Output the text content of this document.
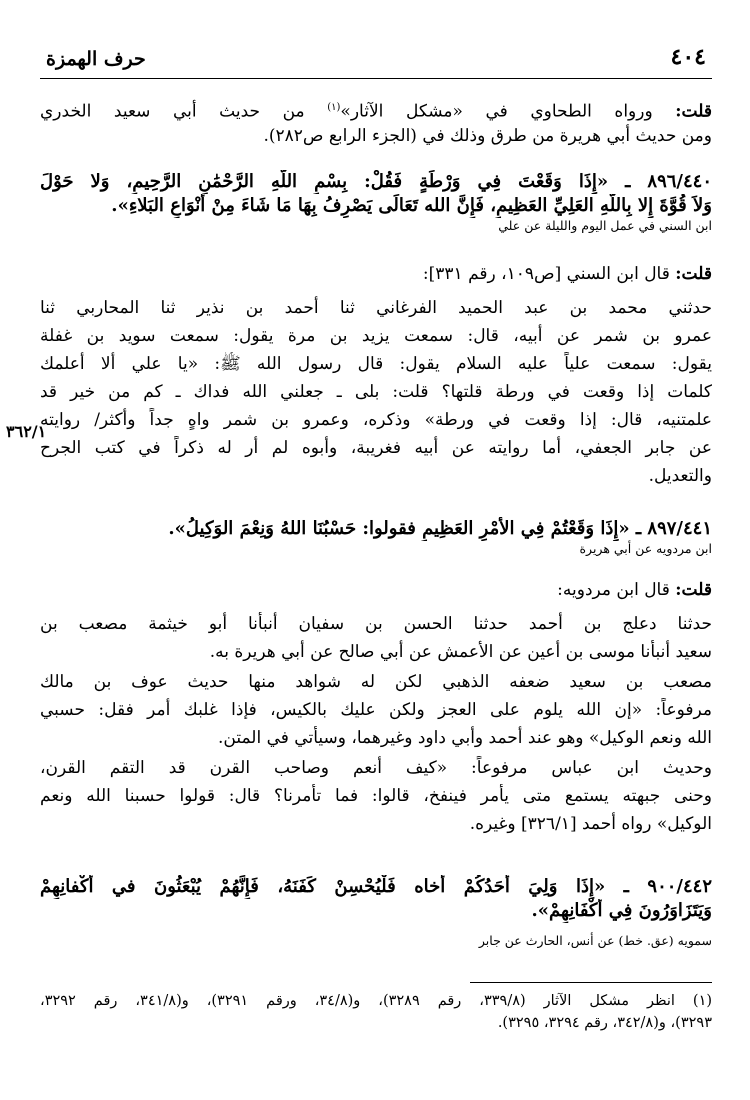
٤٠٤
حرف الهمزة
قلت: ورواه الطحاوي في «مشكل الآثار»$^{(١)}$ من حديث أبي سعيد الخدري
ومن حديث أبي هريرة من طرق وذلك في (الجزء الرابع ص٢٨٢).
٨٩٦/٤٤٠ ـ «إِذَا وَقَعْتَ فِي وَرْطَةٍ فَقُلْ: بِسْمِ اللَّهِ الرَّحْمَٰنِ الرَّحِيمِ، وَلا حَوْلَ
وَلاَ قُوَّةَ إِلا بِاللَّهِ العَلِيِّ العَظِيمِ، فَإِنَّ الله تَعَالَى يَصْرِفُ بِهَا مَا شَاءَ مِنْ أَنْوَاعِ البَلاءِ».
ابن السني في عمل اليوم والليلة عن علي
قلت: قال ابن السني [ص١٠٩، رقم ٣٣١]:
حدثني محمد بن عبد الحميد الفرغاني ثنا أحمد بن نذير ثنا المحاربي ثنا
عمرو بن شمر عن أبيه، قال: سمعت يزيد بن مرة يقول: سمعت سويد بن غفلة
يقول: سمعت علياً عليه السلام يقول: قال رسول الله ﷺ: «يا علي ألا أعلمك
كلمات إذا وقعت في ورطة قلتها؟ قلت: بلى ـ جعلني الله فداك ـ كم من خير قد
علمتنيه، قال: إذا وقعت في ورطة» وذكره، وعمرو بن شمر واهٍ جداً وأكثر/ روايته
عن جابر الجعفي، أما روايته عن أبيه فغريبة، وأبوه لم أر له ذكراً في كتب الجرح
والتعديل.
٣٦٢/١
٨٩٧/٤٤١ ـ «إِذَا وَقَعْتُمْ فِي الأَمْرِ العَظِيمِ فقولوا: حَسْبُنَا اللهُ وَنِعْمَ الوَكِيلُ».
ابن مردويه عن أبي هريرة
قلت: قال ابن مردويه:
حدثنا دعلج بن أحمد حدثنا الحسن بن سفيان أنبأنا أبو خيثمة مصعب بن
سعيد أنبأنا موسى بن أعين عن الأعمش عن أبي صالح عن أبي هريرة به.
مصعب بن سعيد ضعفه الذهبي لكن له شواهد منها حديث عوف بن مالك
مرفوعاً: «إن الله يلوم على العجز ولكن عليك بالكيس، فإذا غلبك أمر فقل: حسبي
الله ونعم الوكيل» وهو عند أحمد وأبي داود وغيرهما، وسيأتي في المتن.
وحديث ابن عباس مرفوعاً: «كيف أنعم وصاحب القرن قد التقم القرن،
وحنى جبهته يستمع متى يأمر فينفخ، قالوا: فما تأمرنا؟ قال: قولوا حسبنا الله ونعم
الوكيل» رواه أحمد [٣٢٦/١] وغيره.
٩٠٠/٤٤٢ ـ «إِذَا وَلِيَ أَحَدُكُمْ أخاه فَلْيُحْسِنْ كَفَنَهُ، فَإِنَّهُمْ يُبْعَثُونَ في أَكْفانِهِمْ
وَيَتَزَاوَرُونَ فِي أَكْفَانِهِمْ».
سمويه (عق. خط) عن أنس، الحارث عن جابر
(١) انظر مشكل الآثار (٣٣٩/٨، رقم ٣٢٨٩)، و(٣٤/٨، ورقم ٣٢٩١)، و(٣٤١/٨، رقم ٣٢٩٢،
٣٢٩٣)، و(٣٤٢/٨، رقم ٣٢٩٤، ٣٢٩٥).
